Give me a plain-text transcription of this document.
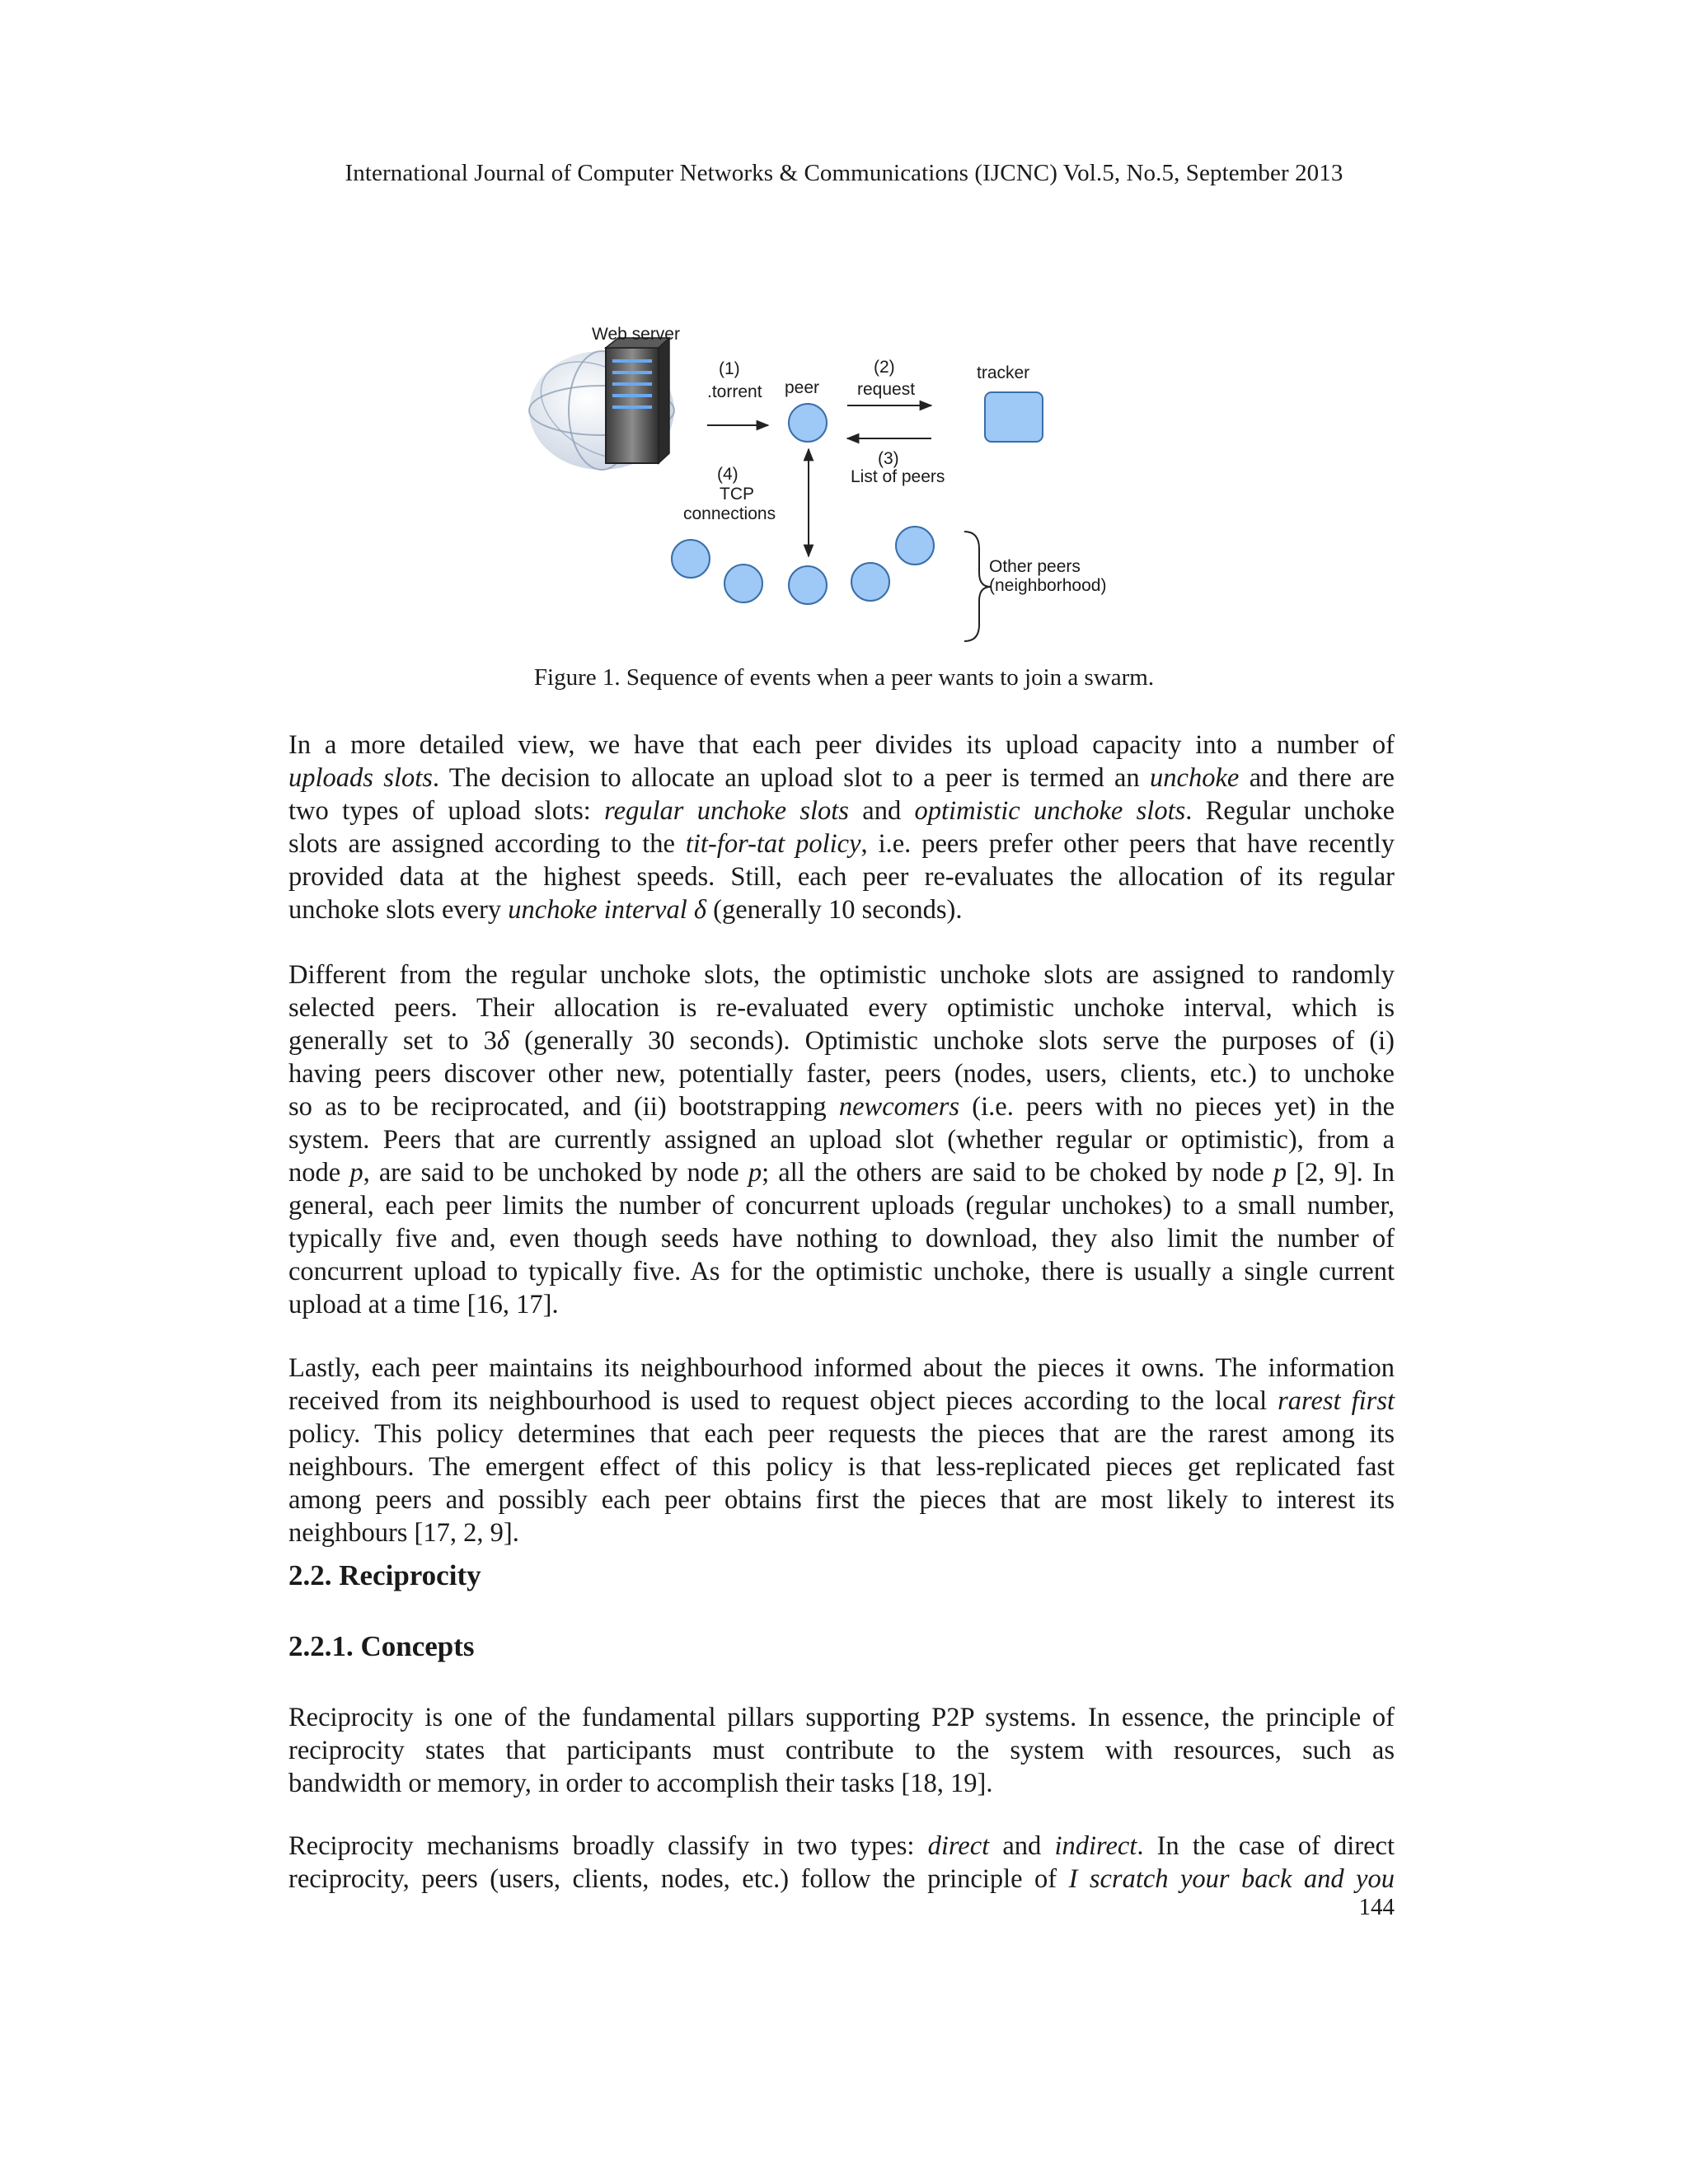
International Journal of Computer Networks & Communications (IJCNC) Vol.5, No.5, September 2013
Web server
(1)
.torrent peer
(2)
request
tracker
(3)
List of peers
(4)
TCP
connections
Other peers
(neighborhood)
Figure 1. Sequence of events when a peer wants to join a swarm.

In a more detailed view, we have that each peer divides its upload capacity into a number of
uploads slots. The decision to allocate an upload slot to a peer is termed an unchoke and there are
two types of upload slots: regular unchoke slots and optimistic unchoke slots. Regular unchoke
slots are assigned according to the tit-for-tat policy, i.e. peers prefer other peers that have recently
provided data at the highest speeds. Still, each peer re-evaluates the allocation of its regular
unchoke slots every unchoke interval δ (generally 10 seconds).

Different from the regular unchoke slots, the optimistic unchoke slots are assigned to randomly
selected peers. Their allocation is re-evaluated every optimistic unchoke interval, which is
generally set to 3δ (generally 30 seconds). Optimistic unchoke slots serve the purposes of (i)
having peers discover other new, potentially faster, peers (nodes, users, clients, etc.) to unchoke
so as to be reciprocated, and (ii) bootstrapping newcomers (i.e. peers with no pieces yet) in the
system. Peers that are currently assigned an upload slot (whether regular or optimistic), from a
node p, are said to be unchoked by node p; all the others are said to be choked by node p [2, 9]. In
general, each peer limits the number of concurrent uploads (regular unchokes) to a small number,
typically five and, even though seeds have nothing to download, they also limit the number of
concurrent upload to typically five. As for the optimistic unchoke, there is usually a single current
upload at a time [16, 17].

Lastly, each peer maintains its neighbourhood informed about the pieces it owns. The information
received from its neighbourhood is used to request object pieces according to the local rarest first
policy. This policy determines that each peer requests the pieces that are the rarest among its
neighbours. The emergent effect of this policy is that less-replicated pieces get replicated fast
among peers and possibly each peer obtains first the pieces that are most likely to interest its
neighbours [17, 2, 9].

2.2. Reciprocity
2.2.1. Concepts

Reciprocity is one of the fundamental pillars supporting P2P systems. In essence, the principle of
reciprocity states that participants must contribute to the system with resources, such as
bandwidth or memory, in order to accomplish their tasks [18, 19].

Reciprocity mechanisms broadly classify in two types: direct and indirect. In the case of direct
reciprocity, peers (users, clients, nodes, etc.) follow the principle of I scratch your back and you

144
